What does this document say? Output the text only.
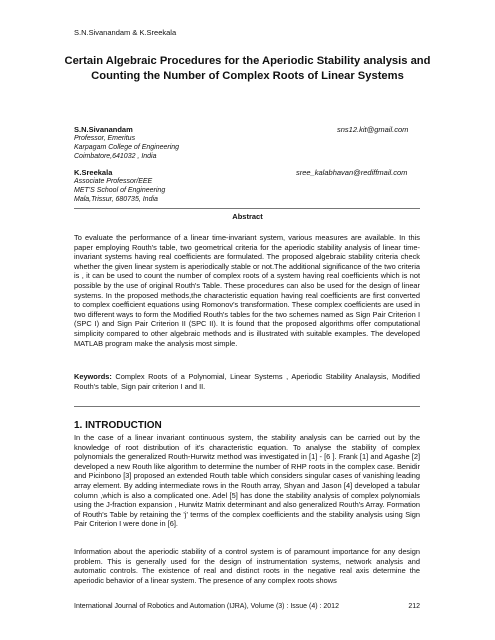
S.N.Sivanandam & K.Sreekala
Certain Algebraic Procedures for the Aperiodic Stability analysis and Counting the Number of Complex Roots of Linear Systems
S.N.Sivanandam
Professor, Emeritus
Karpagam College of Engineering
Coimbatore,641032 , India
sns12.kit@gmail.com
K.Sreekala
Associate Professor/EEE
MET'S School of Engineering
Mala,Trissur, 680735, India
sree_kalabhavan@rediffmail.com
Abstract
To evaluate the performance of a linear time-invariant system, various measures are available. In this paper employing Routh's table, two geometrical criteria for the aperiodic stability analysis of linear time-invariant systems having real coefficients are formulated. The proposed algebraic stability criteria check whether the given linear system is aperiodically stable or not.The additional significance of the two criteria is , it can be used to count the number of complex roots of a system having real coefficients which is not possible by the use of original Routh's Table. These procedures can also be used for the design of linear systems. In the proposed methods,the characteristic equation having real coefficients are first converted to complex coefficient equations using Romonov's transformation. These complex coefficients are used in two different ways to form the Modified Routh's tables for the two schemes named as Sign Pair Criterion I (SPC I) and Sign Pair Criterion II (SPC II). It is found that the proposed algorithms offer computational simplicity compared to other algebraic methods and is illustrated with suitable examples. The developed MATLAB program make the analysis most simple.
Keywords: Complex Roots of a Polynomial, Linear Systems , Aperiodic Stability Analaysis, Modified Routh's table, Sign pair criterion I and II.
1. INTRODUCTION
In the case of a linear invariant continuous system, the stability analysis can be carried out by the knowledge of root distribution of it's characteristic equation. To analyse the stability of complex polynomials the generalized Routh-Hurwitz method was investigated in [1] - [6 ]. Frank [1] and Agashe [2] developed a new Routh like algorithm to determine the number of RHP roots in the complex case. Benidir and Picinbono [3] proposed an extended Routh table which considers singular cases of vanishing leading array element. By adding intermediate rows in the Routh array, Shyan and Jason [4] developed a tabular column ,which is also a complicated one. Adel [5] has done the stability analysis of complex polynomials using the J-fraction expansion , Hurwitz Matrix determinant and also generalized Routh's Array. Formation of Routh's Table by retaining the 'j' terms of the complex coefficients and the stability analysis using Sign Pair Criterion I were done in [6].
Information about the aperiodic stability of a control system is of paramount importance for any design problem. This is generally used for the design of instrumentation systems, network analysis and automatic controls. The existence of real and distinct roots in the negative real axis determine the aperiodic behavior of a linear system. The presence of any complex roots shows
International Journal of Robotics and Automation (IJRA), Volume (3) : Issue (4) : 2012	212
